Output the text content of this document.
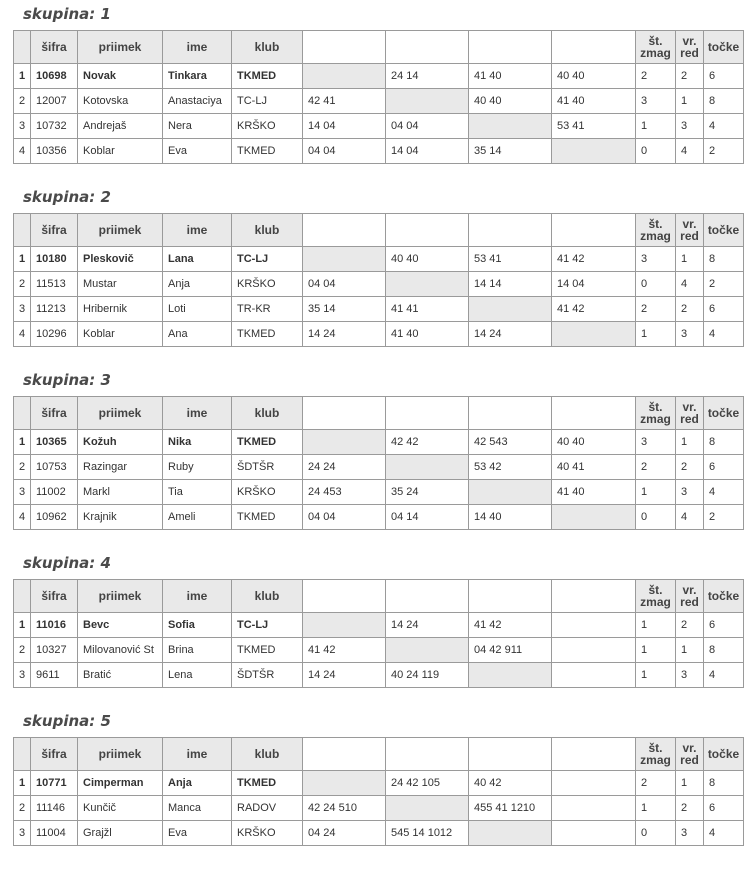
skupina: 1
	šifra	priimek	ime	klub					št.
zmag	vr.
red	točke
1	10698	Novak	Tinkara	TKMED		24 14	41 40	40 40	2	2	6
2	12007	Kotovska	Anastaciya	TC-LJ	42 41		40 40	41 40	3	1	8
3	10732	Andrejaš	Nera	KRŠKO	14 04	04 04		53 41	1	3	4
4	10356	Koblar	Eva	TKMED	04 04	14 04	35 14		0	4	2
skupina: 2
	šifra	priimek	ime	klub					št.
zmag	vr.
red	točke
1	10180	Pleskovič	Lana	TC-LJ		40 40	53 41	41 42	3	1	8
2	11513	Mustar	Anja	KRŠKO	04 04		14 14	14 04	0	4	2
3	11213	Hribernik	Loti	TR-KR	35 14	41 41		41 42	2	2	6
4	10296	Koblar	Ana	TKMED	14 24	41 40	14 24		1	3	4
skupina: 3
	šifra	priimek	ime	klub					št.
zmag	vr.
red	točke
1	10365	Kožuh	Nika	TKMED		42 42	42 543	40 40	3	1	8
2	10753	Razingar	Ruby	ŠDTŠR	24 24		53 42	40 41	2	2	6
3	11002	Markl	Tia	KRŠKO	24 453	35 24		41 40	1	3	4
4	10962	Krajnik	Ameli	TKMED	04 04	04 14	14 40		0	4	2
skupina: 4
	šifra	priimek	ime	klub					št.
zmag	vr.
red	točke
1	11016	Bevc	Sofia	TC-LJ		14 24	41 42		1	2	6
2	10327	Milovanović St	Brina	TKMED	41 42		04 42 911		1	1	8
3	9611	Bratić	Lena	ŠDTŠR	14 24	40 24 119			1	3	4
skupina: 5
	šifra	priimek	ime	klub					št.
zmag	vr.
red	točke
1	10771	Cimperman	Anja	TKMED		24 42 105	40 42		2	1	8
2	11146	Kunčič	Manca	RADOV	42 24 510		455 41 1210		1	2	6
3	11004	Grajžl	Eva	KRŠKO	04 24	545 14 1012			0	3	4
